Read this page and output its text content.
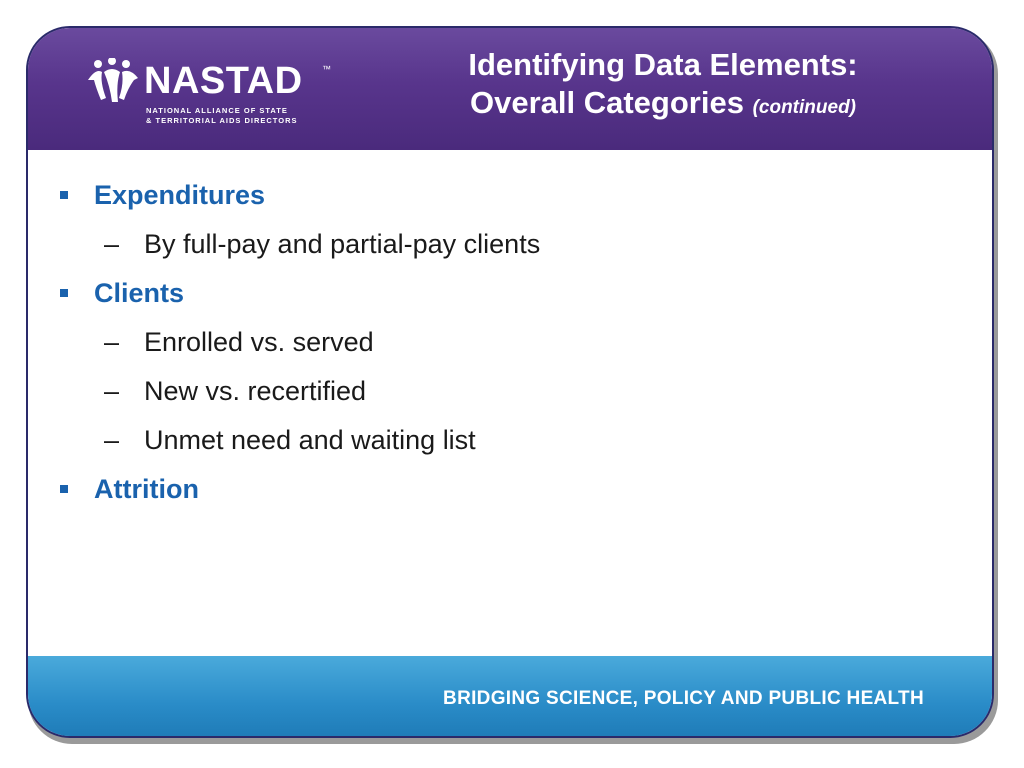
NASTAD ™
NATIONAL ALLIANCE OF STATE
& TERRITORIAL AIDS DIRECTORS
Identifying Data Elements:
Overall Categories (continued)
Expenditures
– By full-pay and partial-pay clients
Clients
– Enrolled vs. served
– New vs. recertified
– Unmet need and waiting list
Attrition
BRIDGING SCIENCE, POLICY AND PUBLIC HEALTH
